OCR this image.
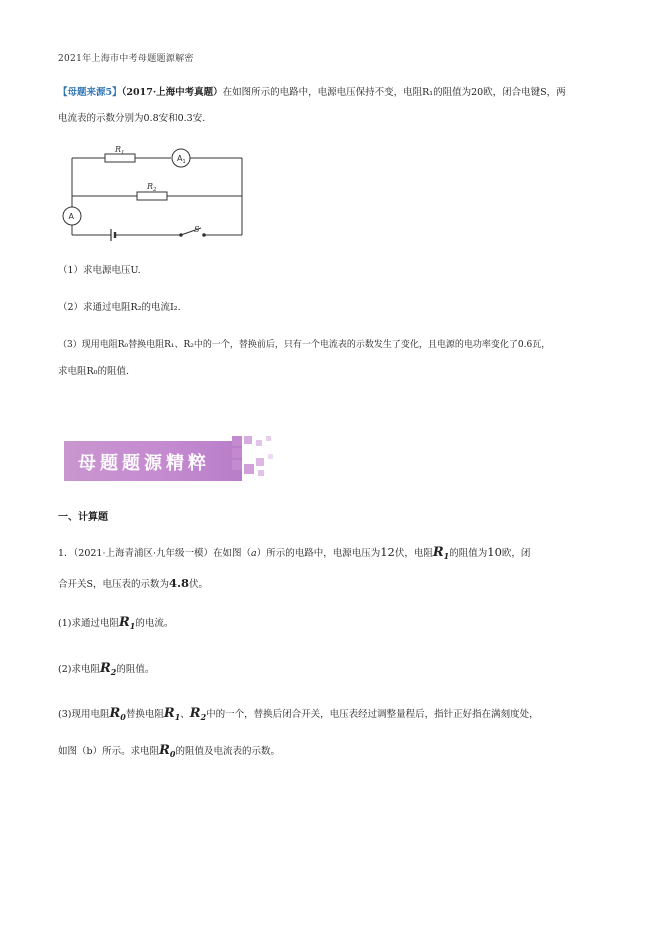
2021年上海市中考母题题源解密
【母题来源5】（2017·上海中考真题）在如图所示的电路中，电源电压保持不变，电阻R₁的阻值为20欧，闭合电键S，两
电流表的示数分别为0.8安和0.3安.
$R_1$
$R_2$
S
$A_1$
A
（1）求电源电压U.
（2）求通过电阻R₂的电流I₂.
（3）现用电阻R₀替换电阻R₁、R₂中的一个，替换前后，只有一个电流表的示数发生了变化，且电源的电功率变化了0.6瓦，
求电阻R₀的阻值.
母题题源精粹
一、计算题
1．（2021·上海青浦区·九年级一模）在如图（a）所示的电路中，电源电压为12伏，电阻$R_1$的阻值为10欧，闭
合开关S，电压表的示数为4.8伏。
(1)求通过电阻$R_1$的电流。
(2)求电阻$R_2$的阻值。
(3)现用电阻$R_0$替换电阻$R_1$、$R_2$中的一个，替换后闭合开关，电压表经过调整量程后，指针正好指在满刻度处，
如图（b）所示。求电阻$R_0$的阻值及电流表的示数。
